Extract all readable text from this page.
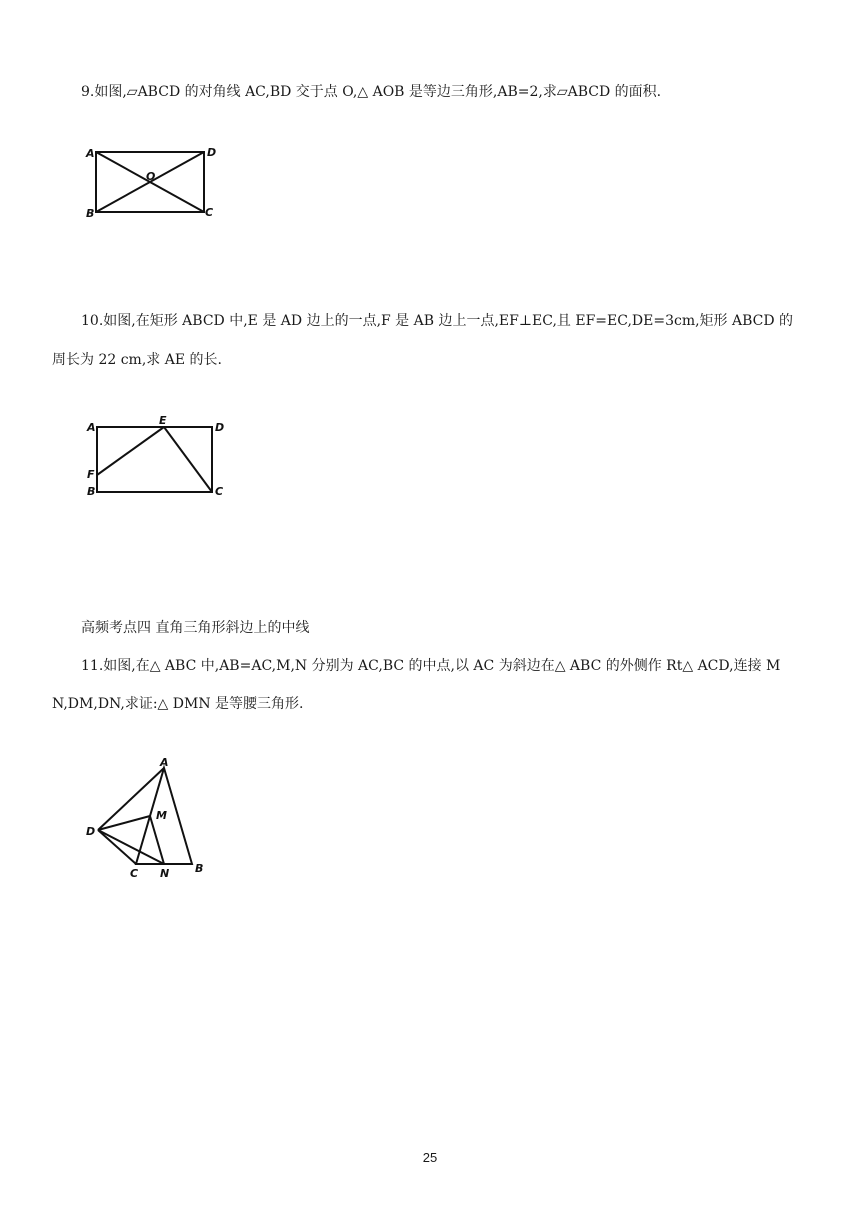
9.如图,▱ABCD 的对角线 AC,BD 交于点 O,△ AOB 是等边三角形,AB=2,求▱ABCD 的面积.

A	D
B	C
O

10.如图,在矩形 ABCD 中,E 是 AD 边上的一点,F 是 AB 边上一点,EF⊥EC,且 EF=EC,DE=3cm,矩形 ABCD 的

周长为 22 cm,求 AE 的长.

A
E
D
F
B	C

高频考点四 直角三角形斜边上的中线

11.如图,在△ ABC 中,AB=AC,M,N 分别为 AC,BC 的中点,以 AC 为斜边在△ ABC 的外侧作 Rt△ ACD,连接 M

N,DM,DN,求证:△ DMN 是等腰三角形.

A
M
D
C N B
25
